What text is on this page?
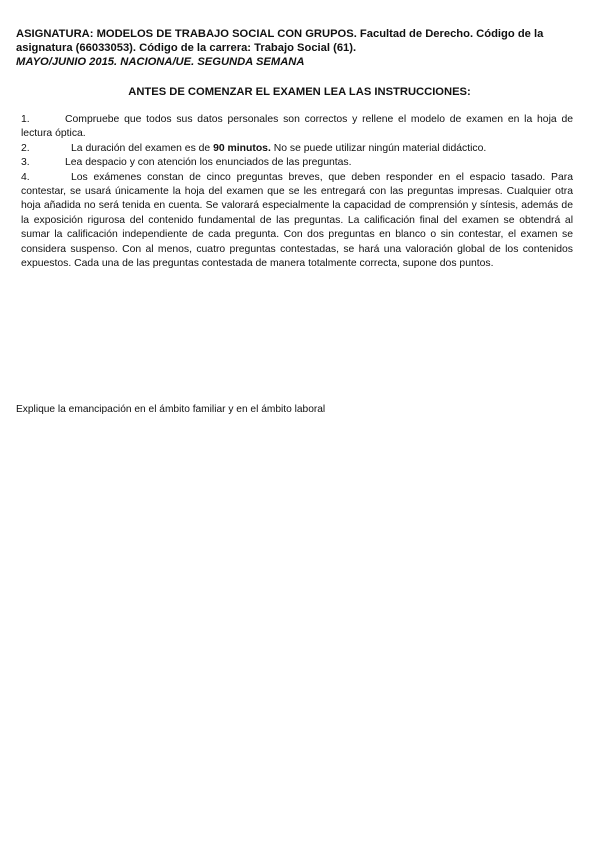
ASIGNATURA: MODELOS DE TRABAJO SOCIAL CON GRUPOS. Facultad de Derecho. Código de la asignatura (66033053). Código de la carrera: Trabajo Social (61).
MAYO/JUNIO 2015. NACIONA/UE. SEGUNDA SEMANA
ANTES DE COMENZAR EL EXAMEN LEA LAS INSTRUCCIONES:

1.	Compruebe que todos sus datos personales son correctos y rellene el modelo de examen en la hoja de lectura óptica.

2.	La duración del examen es de 90 minutos. No se puede utilizar ningún material didáctico.

3.	Lea despacio y con atención los enunciados de las preguntas.

4.	Los exámenes constan de cinco preguntas breves, que deben responder en el espacio tasado. Para contestar, se usará únicamente la hoja del examen que se les entregará con las preguntas impresas. Cualquier otra hoja añadida no será tenida en cuenta. Se valorará especialmente la capacidad de comprensión y síntesis, además de la exposición rigurosa del contenido fundamental de las preguntas. La calificación final del examen se obtendrá al sumar la calificación independiente de cada pregunta. Con dos preguntas en blanco o sin contestar, el examen se considera suspenso. Con al menos, cuatro preguntas contestadas, se hará una valoración global de los contenidos expuestos. Cada una de las preguntas contestada de manera totalmente correcta, supone dos puntos.

Explique la emancipación en el ámbito familiar y en el ámbito laboral
